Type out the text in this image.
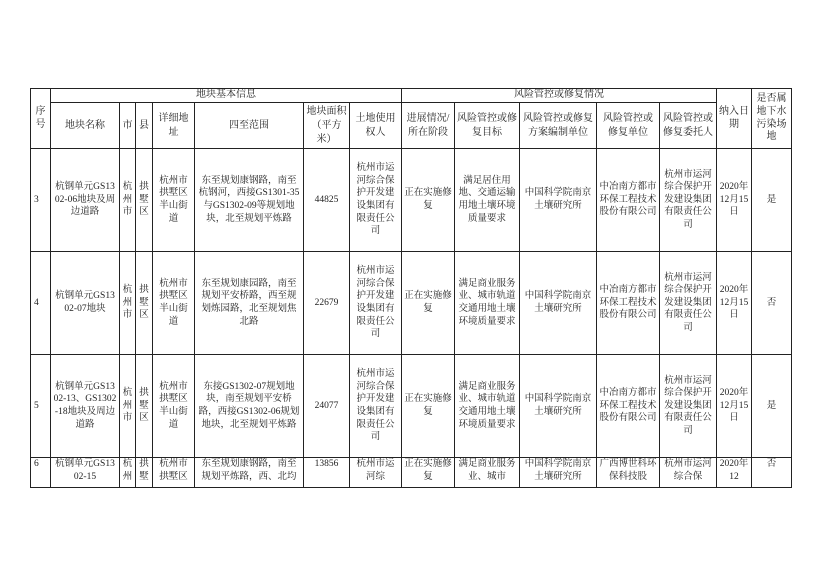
序号	地块基本信息							风险管控或修复情况					纳入日期	是否属地下水污染场地
	地块名称	市	县	详细地址	四至范围	地块面积（平方米）	土地使用权人	进展情况/所在阶段	风险管控或修复目标	风险管控或修复方案编制单位	风险管控或修复单位	风险管控或修复委托人		

3	杭钢单元GS1302-06地块及周边道路	杭州市	拱墅区	杭州市拱墅区半山街道	东至规划康钢路，南至杭钢河，西接GS1301-35与GS1302-09等规划地块，北至规划平炼路	44825	杭州市运河综合保护开发建设集团有限责任公司	正在实施修复	满足居住用地、交通运输用地土壤环境质量要求	中国科学院南京土壤研究所	中冶南方都市环保工程技术股份有限公司	杭州市运河综合保护开发建设集团有限责任公司	2020年12月15日	是

4	杭钢单元GS1302-07地块	杭州市	拱墅区	杭州市拱墅区半山街道	东至规划康园路，南至规划平安桥路，西至规划炼园路，北至规划焦北路	22679	杭州市运河综合保护开发建设集团有限责任公司	正在实施修复	满足商业服务业、城市轨道交通用地土壤环境质量要求	中国科学院南京土壤研究所	中冶南方都市环保工程技术股份有限公司	杭州市运河综合保护开发建设集团有限责任公司	2020年12月15日	否

5	杭钢单元GS1302-13、GS1302-18地块及周边道路	杭州市	拱墅区	杭州市拱墅区半山街道	东接GS1302-07规划地块，南至规划平安桥路，西接GS1302-06规划地块，北至规划平炼路	24077	杭州市运河综合保护开发建设集团有限责任公司	正在实施修复	满足商业服务业、城市轨道交通用地土壤环境质量要求	中国科学院南京土壤研究所	中冶南方都市环保工程技术股份有限公司	杭州市运河综合保护开发建设集团有限责任公司	2020年12月15日	是

6	杭钢单元GS1302-15	杭州	拱墅	杭州市拱墅区	东至规划康钢路，南至规划平炼路，西、北均	13856	杭州市运河综	正在实施修复	满足商业服务业、城市	中国科学院南京土壤研究所	广西博世科环保科技股	杭州市运河综合保	2020年12	否
